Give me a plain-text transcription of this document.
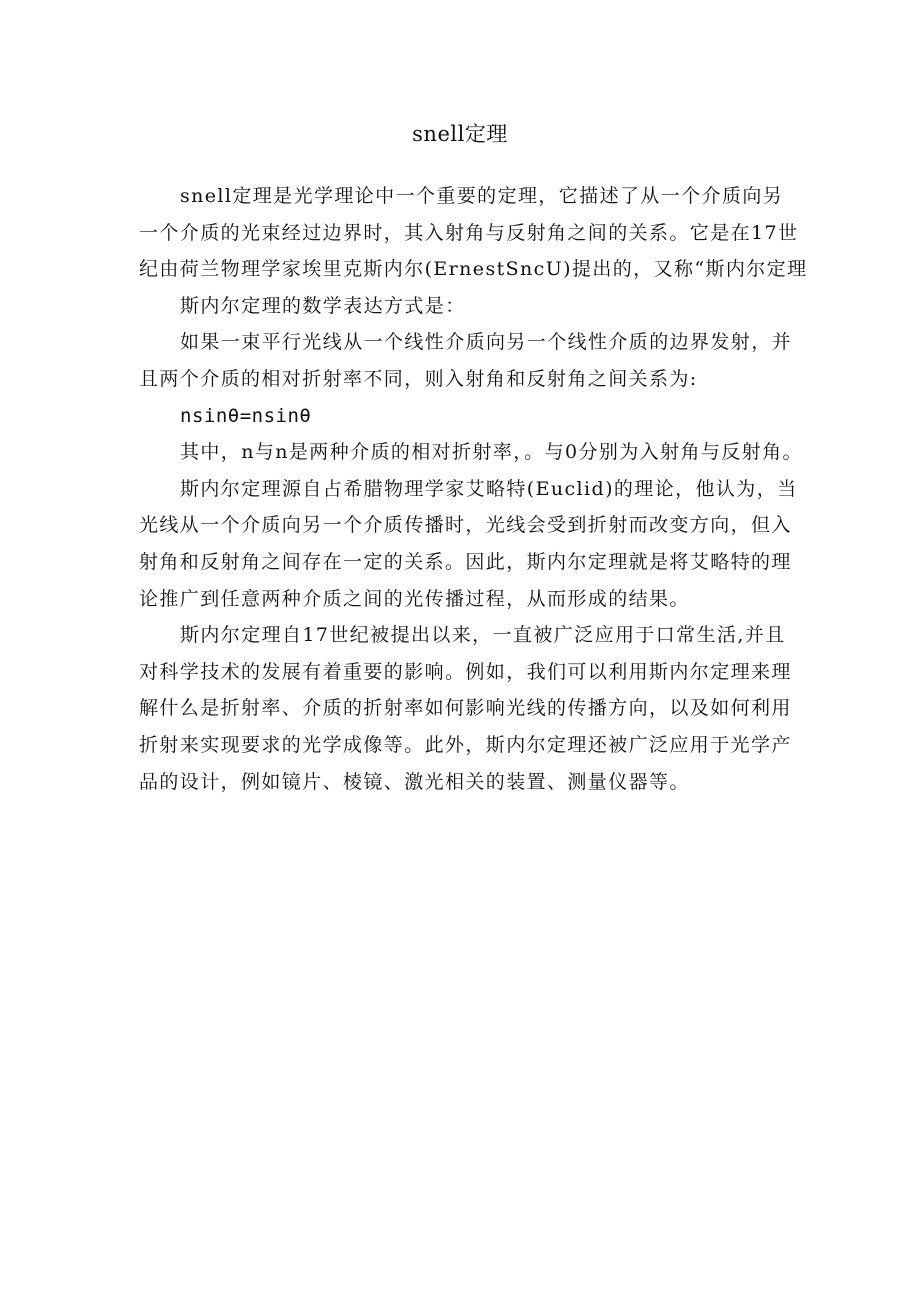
snell定理

snell定理是光学理论中一个重要的定理，它描述了从一个介质向另
一个介质的光束经过边界时，其入射角与反射角之间的关系。它是在17世
纪由荷兰物理学家埃里克斯内尔(ErnestSncU)提出的，又称“斯内尔定理

斯内尔定理的数学表达方式是：

如果一束平行光线从一个线性介质向另一个线性介质的边界发射，并
且两个介质的相对折射率不同，则入射角和反射角之间关系为:

nsinθ=nsinθ

其中，n与n是两种介质的相对折射率，。与0分别为入射角与反射角。

斯内尔定理源自占希腊物理学家艾略特(Euclid)的理论，他认为，当
光线从一个介质向另一个介质传播时，光线会受到折射而改变方向，但入
射角和反射角之间存在一定的关系。因此，斯内尔定理就是将艾略特的理
论推广到任意两种介质之间的光传播过程，从而形成的结果。

斯内尔定理自17世纪被提出以来，一直被广泛应用于口常生活,并且
对科学技术的发展有着重要的影响。例如，我们可以利用斯内尔定理来理
解什么是折射率、介质的折射率如何影响光线的传播方向，以及如何利用
折射来实现要求的光学成像等。此外，斯内尔定理还被广泛应用于光学产
品的设计，例如镜片、棱镜、激光相关的装置、测量仪器等。
